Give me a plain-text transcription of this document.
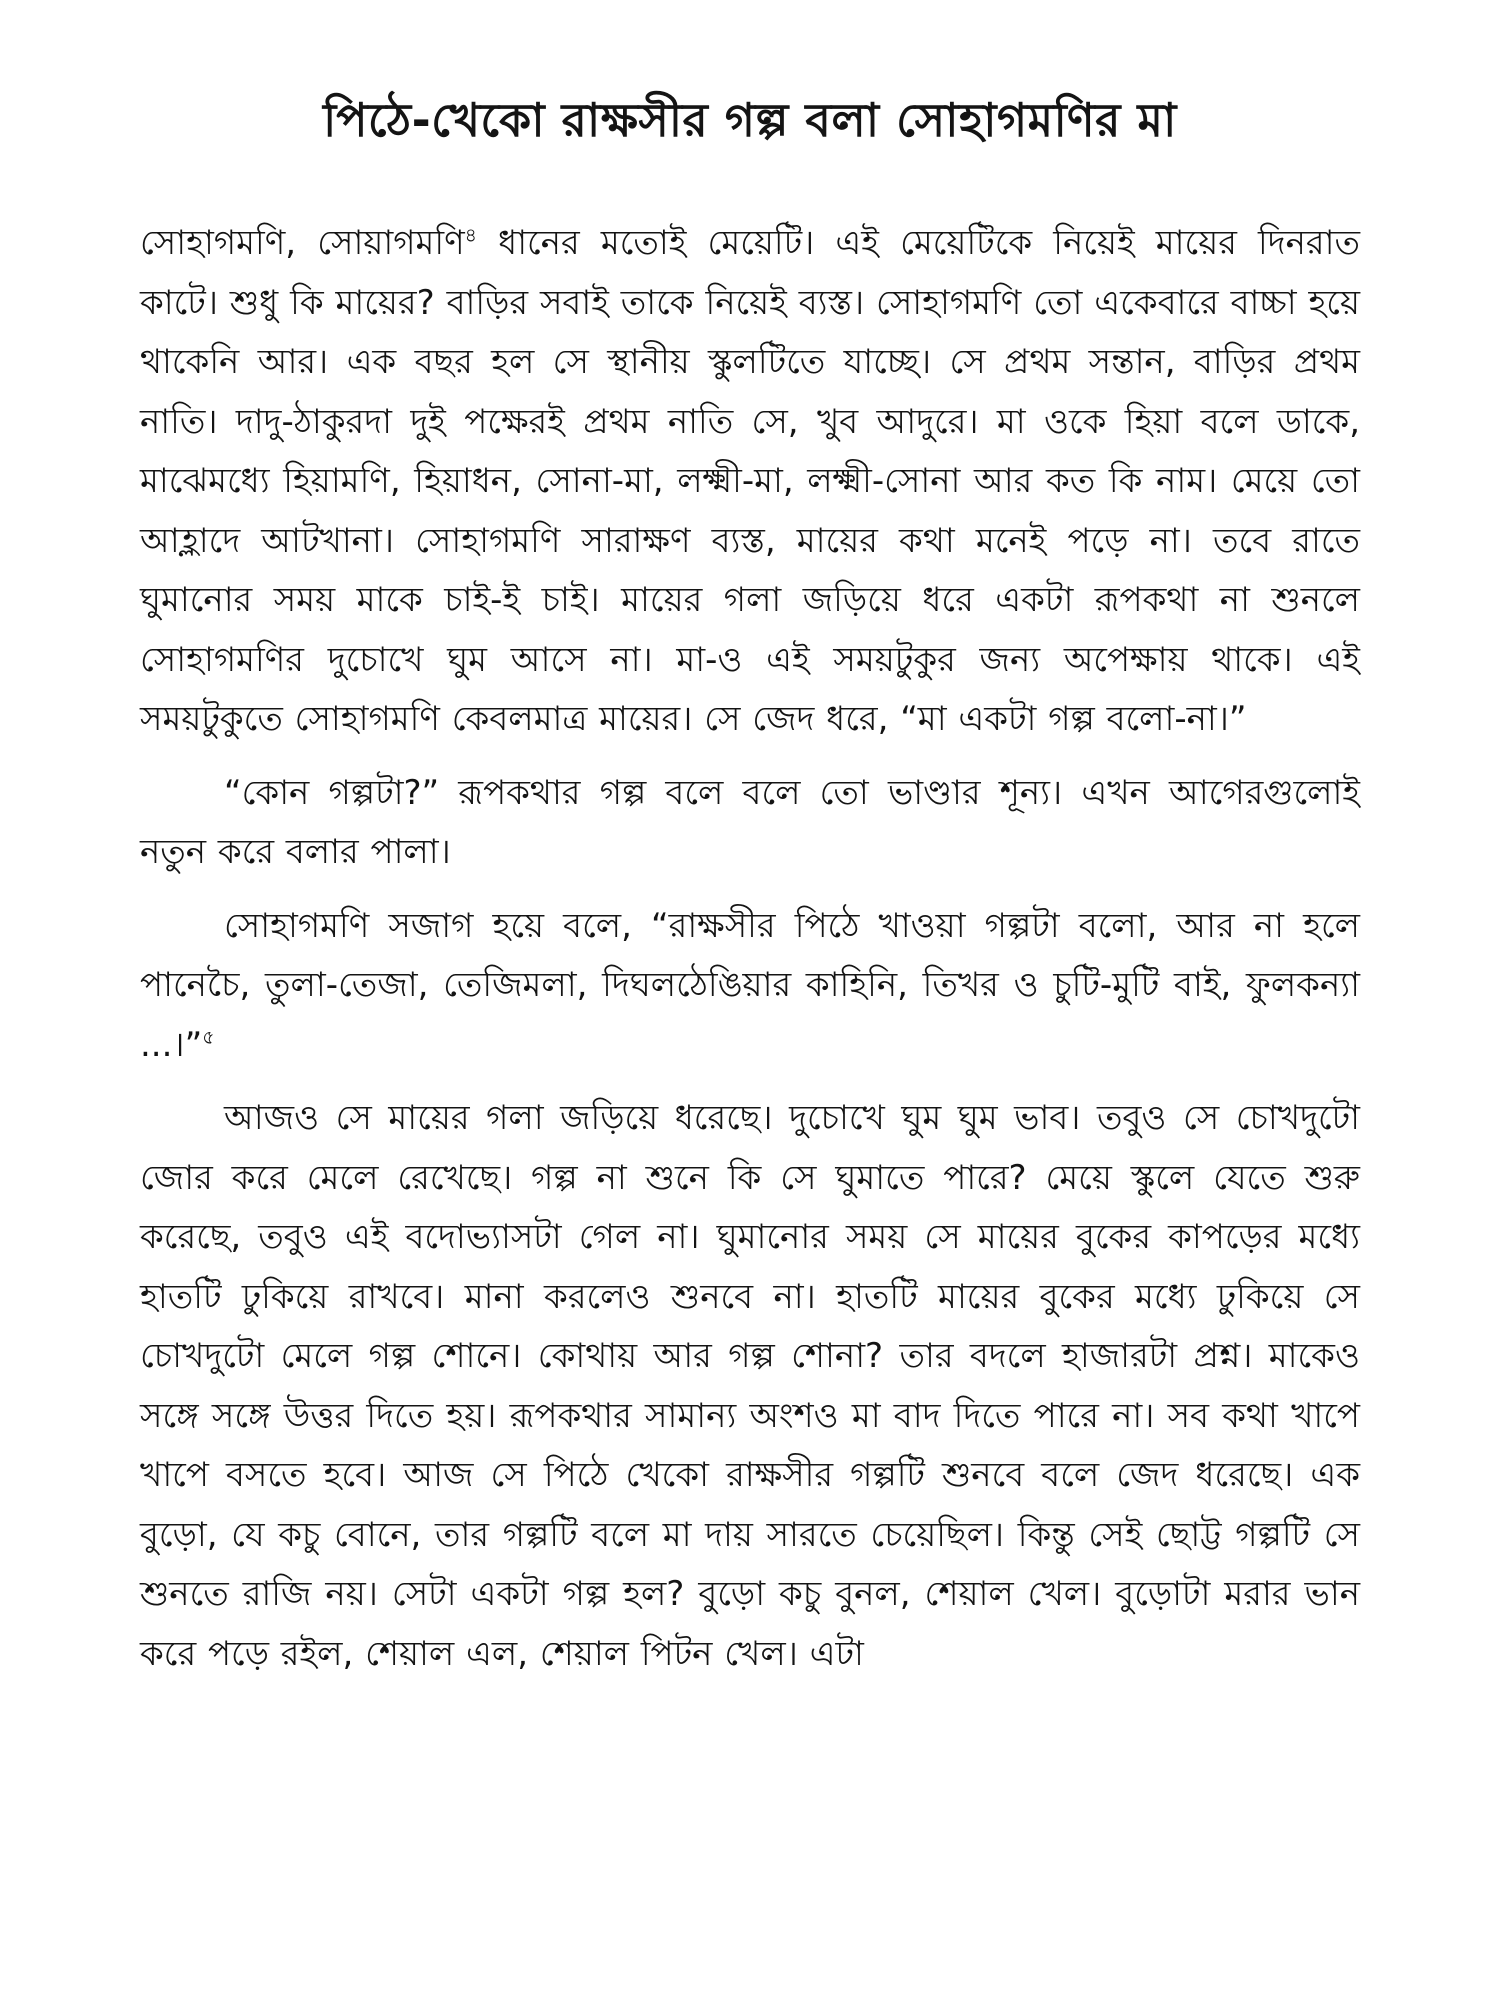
পিঠে-খেকো রাক্ষসীর গল্প বলা সোহাগমণির মা

সোহাগমণি, সোয়াগমণি$^৪$ ধানের মতোই মেয়েটি। এই মেয়েটিকে নিয়েই মায়ের দিনরাত কাটে। শুধু কি মায়ের? বাড়ির সবাই তাকে নিয়েই ব্যস্ত। সোহাগমণি তো একেবারে বাচ্চা হয়ে থাকেনি আর। এক বছর হল সে স্থানীয় স্কুলটিতে যাচ্ছে। সে প্রথম সন্তান, বাড়ির প্রথম নাতি। দাদু-ঠাকুরদা দুই পক্ষেরই প্রথম নাতি সে, খুব আদুরে। মা ওকে হিয়া বলে ডাকে, মাঝেমধ্যে হিয়ামণি, হিয়াধন, সোনা-মা, লক্ষ্মী-মা, লক্ষ্মী-সোনা আর কত কি নাম। মেয়ে তো আহ্লাদে আটখানা। সোহাগমণি সারাক্ষণ ব্যস্ত, মায়ের কথা মনেই পড়ে না। তবে রাতে ঘুমানোর সময় মাকে চাই-ই চাই। মায়ের গলা জড়িয়ে ধরে একটা রূপকথা না শুনলে সোহাগমণির দুচোখে ঘুম আসে না। মা-ও এই সময়টুকুর জন্য অপেক্ষায় থাকে। এই সময়টুকুতে সোহাগমণি কেবলমাত্র মায়ের। সে জেদ ধরে, “মা একটা গল্প বলো-না।”

“কোন গল্পটা?” রূপকথার গল্প বলে বলে তো ভাণ্ডার শূন্য। এখন আগেরগুলোই নতুন করে বলার পালা।

সোহাগমণি সজাগ হয়ে বলে, “রাক্ষসীর পিঠে খাওয়া গল্পটা বলো, আর না হলে পানেচৈ, তুলা-তেজা, তেজিমলা, দিঘলঠেঙিয়ার কাহিনি, তিখর ও চুটি-মুটি বাই, ফুলকন্যা ...।”$^৫$

আজও সে মায়ের গলা জড়িয়ে ধরেছে। দুচোখে ঘুম ঘুম ভাব। তবুও সে চোখদুটো জোর করে মেলে রেখেছে। গল্প না শুনে কি সে ঘুমাতে পারে? মেয়ে স্কুলে যেতে শুরু করেছে, তবুও এই বদোভ্যাসটা গেল না। ঘুমানোর সময় সে মায়ের বুকের কাপড়ের মধ্যে হাতটি ঢুকিয়ে রাখবে। মানা করলেও শুনবে না। হাতটি মায়ের বুকের মধ্যে ঢুকিয়ে সে চোখদুটো মেলে গল্প শোনে। কোথায় আর গল্প শোনা? তার বদলে হাজারটা প্রশ্ন। মাকেও সঙ্গে সঙ্গে উত্তর দিতে হয়। রূপকথার সামান্য অংশও মা বাদ দিতে পারে না। সব কথা খাপে খাপে বসতে হবে। আজ সে পিঠে খেকো রাক্ষসীর গল্পটি শুনবে বলে জেদ ধরেছে। এক বুড়ো, যে কচু বোনে, তার গল্পটি বলে মা দায় সারতে চেয়েছিল। কিন্তু সেই ছোট্ট গল্পটি সে শুনতে রাজি নয়। সেটা একটা গল্প হল? বুড়ো কচু বুনল, শেয়াল খেল। বুড়োটা মরার ভান করে পড়ে রইল, শেয়াল এল, শেয়াল পিটন খেল। এটা
